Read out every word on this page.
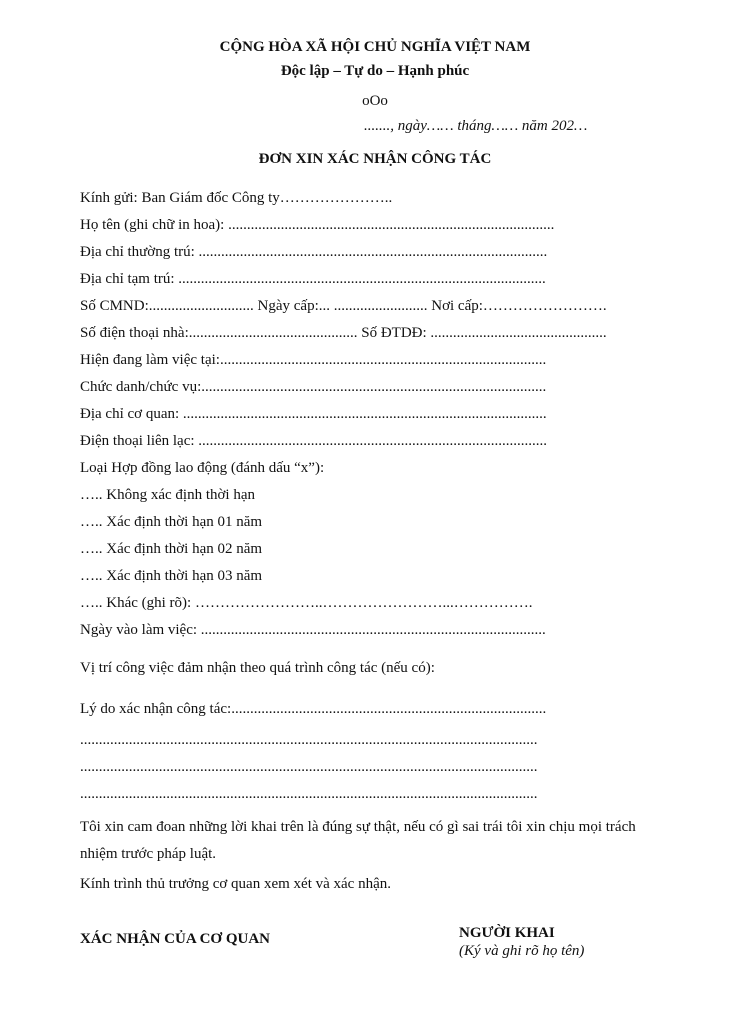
CỘNG HÒA XÃ HỘI CHỦ NGHĨA VIỆT NAM
Độc lập – Tự do – Hạnh phúc
oOo
......., ngày…… tháng…… năm 202…
ĐƠN XIN XÁC NHẬN CÔNG TÁC
Kính gửi: Ban Giám đốc Công ty…………………..
Họ tên (ghi chữ in hoa): .......................................................................................
Địa chỉ thường trú: .............................................................................................
Địa chỉ tạm trú: ..................................................................................................
Số CMND:............................ Ngày cấp:... ......................... Nơi cấp:…………………….
Số điện thoại nhà:............................................. Số ĐTDĐ: ...............................................
Hiện đang làm việc tại:.......................................................................................
Chức danh/chức vụ:............................................................................................
Địa chỉ cơ quan: .................................................................................................
Điện thoại liên lạc: .............................................................................................
Loại Hợp đồng lao động (đánh dấu “x”):
….. Không xác định thời hạn
….. Xác định thời hạn 01 năm
….. Xác định thời hạn 02 năm
….. Xác định thời hạn 03 năm
….. Khác (ghi rõ): ……………………..……………………...…………….
Ngày vào làm việc: ............................................................................................
Vị trí công việc đảm nhận theo quá trình công tác (nếu có):
Lý do xác nhận công tác:....................................................................................
..........................................................................................................................
..........................................................................................................................
..........................................................................................................................
Tôi xin cam đoan những lời khai trên là đúng sự thật, nếu có gì sai trái tôi xin chịu mọi trách
nhiệm trước pháp luật.
Kính trình thủ trưởng cơ quan xem xét và xác nhận.
XÁC NHẬN CỦA CƠ QUAN	NGƯỜI KHAI
(Ký và ghi rõ họ tên)
